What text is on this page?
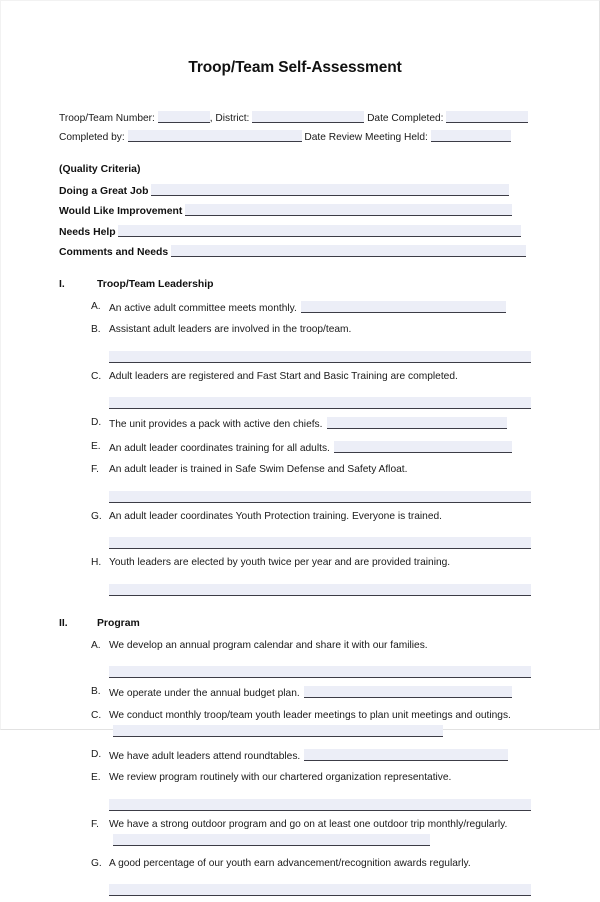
Troop/Team Self-Assessment
Troop/Team Number:	, District:	Date Completed:
Completed by:	Date Review Meeting Held:
(Quality Criteria)
Doing a Great Job
Would Like Improvement
Needs Help
Comments and Needs
I.	Troop/Team Leadership
A. An active adult committee meets monthly.
B. Assistant adult leaders are involved in the troop/team.
C. Adult leaders are registered and Fast Start and Basic Training are completed.
D. The unit provides a pack with active den chiefs.
E. An adult leader coordinates training for all adults.
F. An adult leader is trained in Safe Swim Defense and Safety Afloat.
G. An adult leader coordinates Youth Protection training. Everyone is trained.
H. Youth leaders are elected by youth twice per year and are provided training.
II.	Program
A. We develop an annual program calendar and share it with our families.
B. We operate under the annual budget plan.
C. We conduct monthly troop/team youth leader meetings to plan unit meetings and outings.
D. We have adult leaders attend roundtables.
E. We review program routinely with our chartered organization representative.
F. We have a strong outdoor program and go on at least one outdoor trip monthly/regularly.
G. A good percentage of our youth earn advancement/recognition awards regularly.
